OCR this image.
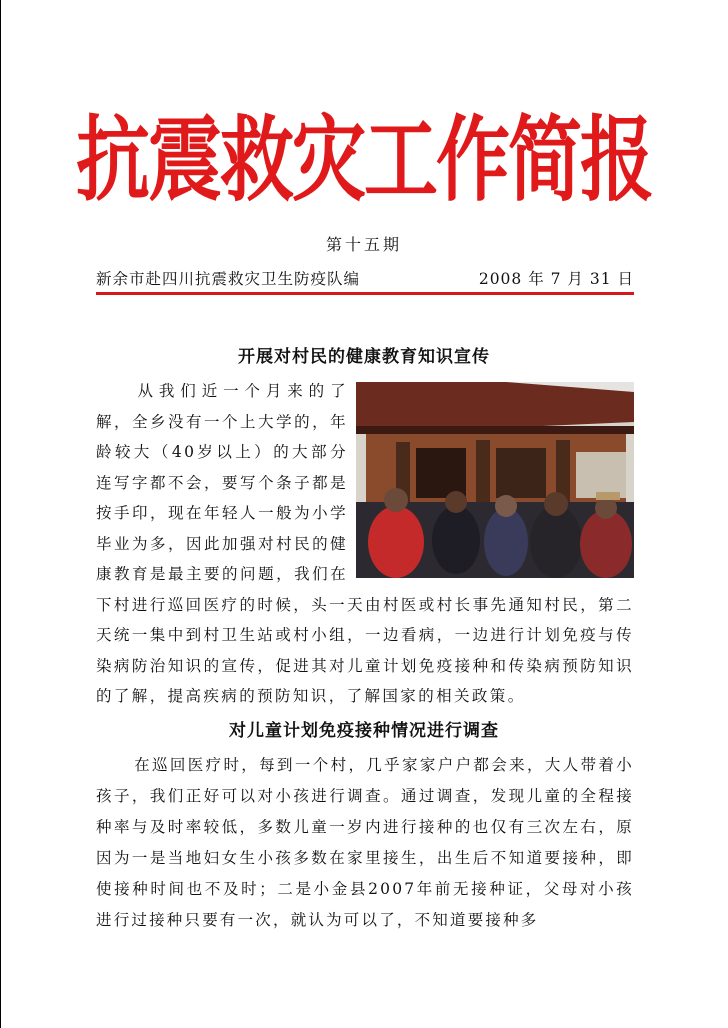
抗震救灾工作简报
第十五期
新余市赴四川抗震救灾卫生防疫队编	2008 年 7 月 31 日
开展对村民的健康教育知识宣传

从我们近一个月来的了解，全乡没有一个上大学的，年龄较大（40岁以上）的大部分连写字都不会，要写个条子都是按手印，现在年轻人一般为小学毕业为多，因此加强对村民的健康教育是最主要的问题，我们在下村进行巡回医疗的时候，头一天由村医或村长事先通知村民，第二天统一集中到村卫生站或村小组，一边看病，一边进行计划免疫与传染病防治知识的宣传，促进其对儿童计划免疫接种和传染病预防知识的了解，提高疾病的预防知识，了解国家的相关政策。

对儿童计划免疫接种情况进行调查

在巡回医疗时，每到一个村，几乎家家户户都会来，大人带着小孩子，我们正好可以对小孩进行调查。通过调查，发现儿童的全程接种率与及时率较低，多数儿童一岁内进行接种的也仅有三次左右，原因为一是当地妇女生小孩多数在家里接生，出生后不知道要接种，即使接种时间也不及时；二是小金县2007年前无接种证，父母对小孩进行过接种只要有一次，就认为可以了，不知道要接种多
